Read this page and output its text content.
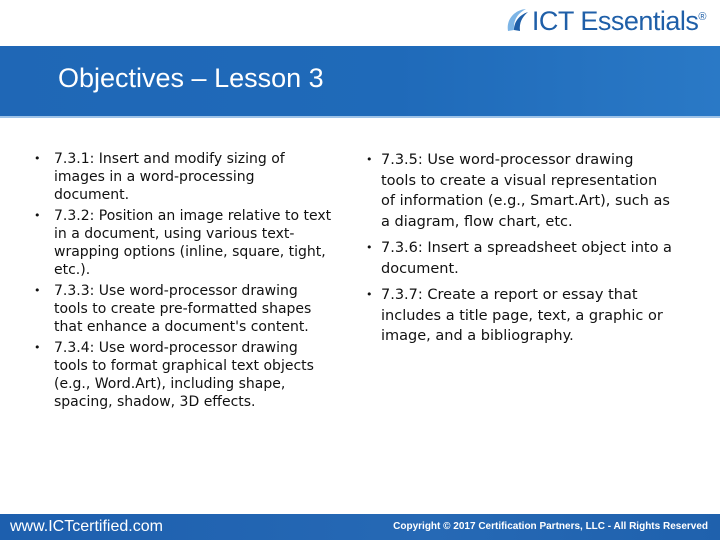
ICT Essentials®
Objectives – Lesson 3
• 7.3.1: Insert and modify sizing of images in a word-processing document.
• 7.3.2: Position an image relative to text in a document, using various text-wrapping options (inline, square, tight, etc.).
• 7.3.3: Use word-processor drawing tools to create pre-formatted shapes that enhance a document's content.
• 7.3.4: Use word-processor drawing tools to format graphical text objects (e.g., Word.Art), including shape, spacing, shadow, 3D effects.
• 7.3.5: Use word-processor drawing tools to create a visual representation of information (e.g., Smart.Art), such as a diagram, flow chart, etc.
• 7.3.6: Insert a spreadsheet object into a document.
• 7.3.7: Create a report or essay that includes a title page, text, a graphic or image, and a bibliography.
www.ICTcertified.com	Copyright © 2017 Certification Partners, LLC - All Rights Reserved
